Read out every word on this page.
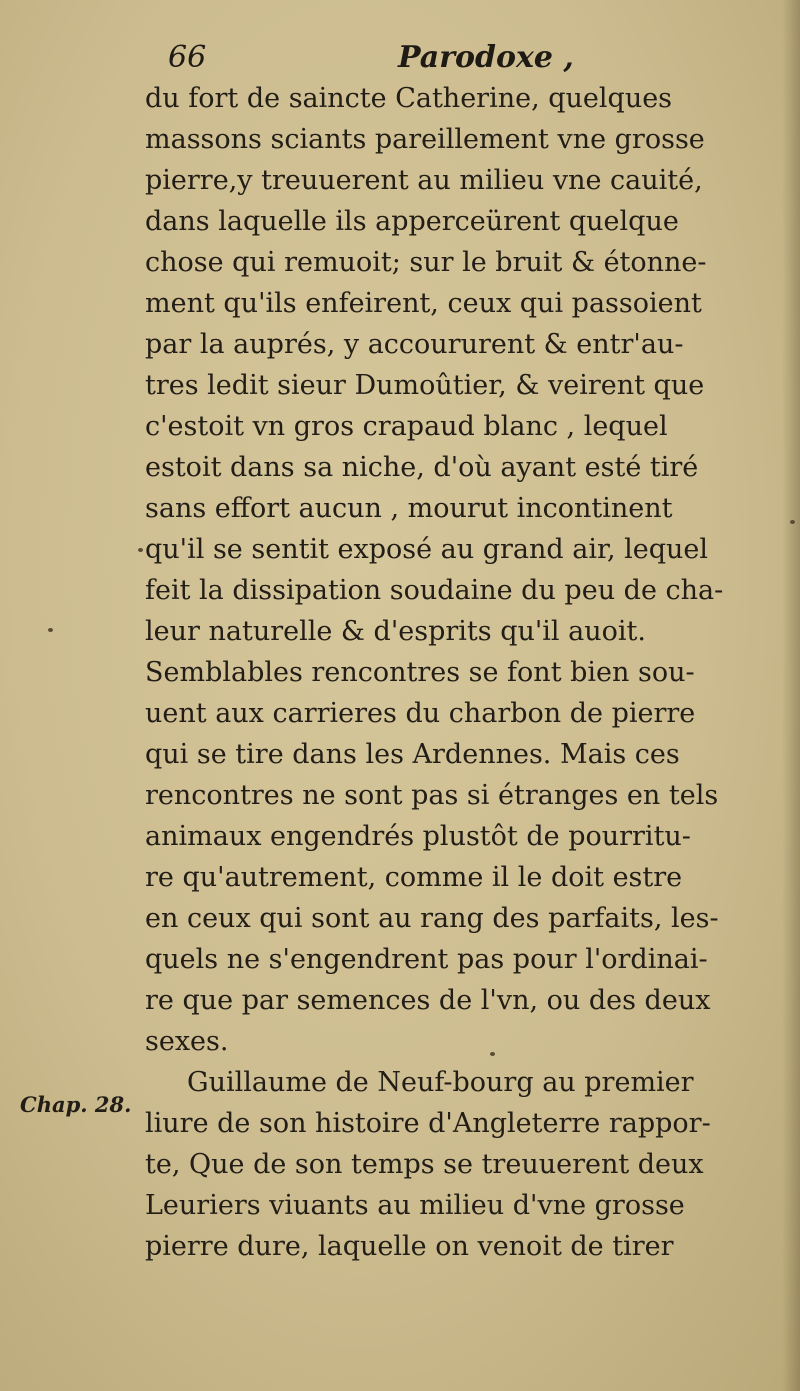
66	Parodoxe ,
du fort de saincte Catherine, quelques
massons sciants pareillement vne grosse
pierre,y treuuerent au milieu vne cauité,
dans laquelle ils apperceürent quelque
chose qui remuoit; sur le bruit & étonne-
ment qu'ils enfeirent, ceux qui passoient
par la auprés, y accoururent & entr'au-
tres ledit sieur Dumoûtier, & veirent que
c'estoit vn gros crapaud blanc , lequel
estoit dans sa niche, d'où ayant esté tiré
sans effort aucun , mourut incontinent
qu'il se sentit exposé au grand air, lequel
feit la dissipation soudaine du peu de cha-
leur naturelle & d'esprits qu'il auoit.
Semblables rencontres se font bien sou-
uent aux carrieres du charbon de pierre
qui se tire dans les Ardennes. Mais ces
rencontres ne sont pas si étranges en tels
animaux engendrés plustôt de pourritu-
re qu'autrement, comme il le doit estre
en ceux qui sont au rang des parfaits, les-
quels ne s'engendrent pas pour l'ordinai-
re que par semences de l'vn, ou des deux
sexes.
Guillaume de Neuf-bourg au premier
liure de son histoire d'Angleterre rappor-
te, Que de son temps se treuuerent deux
Leuriers viuants au milieu d'vne grosse
pierre dure, laquelle on venoit de tirer
Chap. 28.
